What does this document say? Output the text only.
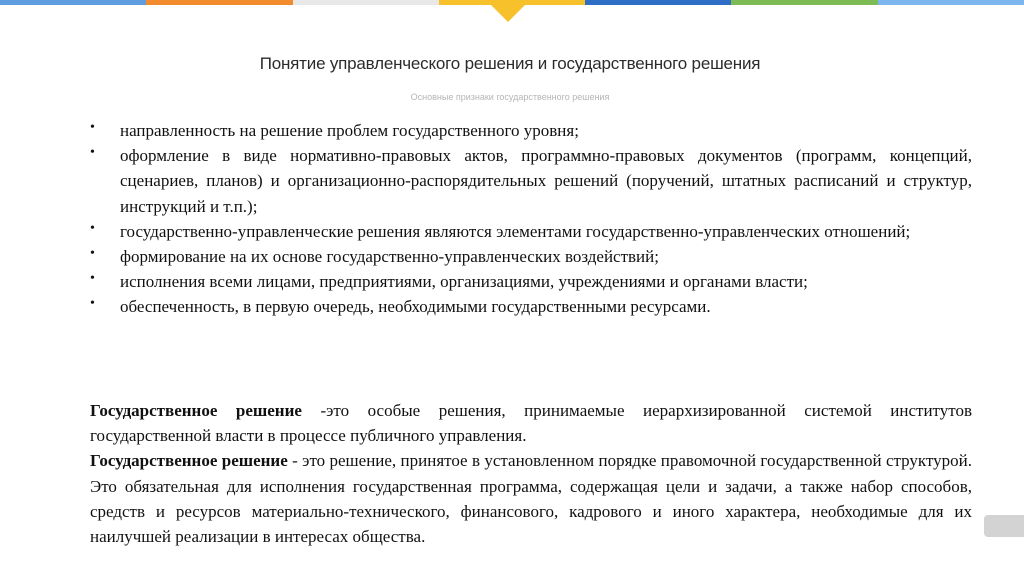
Понятие управленческого решения и государственного решения
Основные признаки государственного решения
• направленность на решение проблем государственного уровня;
• оформление в виде нормативно-правовых актов, программно-правовых документов (программ, концепций, сценариев, планов) и организационно-распорядительных решений (поручений, штатных расписаний и структур, инструкций и т.п.);
• государственно-управленческие решения являются элементами государственно-управленческих отношений;
• формирование на их основе государственно-управленческих воздействий;
• исполнения всеми лицами, предприятиями, организациями, учреждениями и органами власти;
• обеспеченность, в первую очередь, необходимыми государственными ресурсами.

Государственное решение -это особые решения, принимаемые иерархизированной системой институтов государственной власти в процессе публичного управления.

Государственное решение - это решение, принятое в установленном порядке правомочной государственной структурой. Это обязательная для исполнения государственная программа, содержащая цели и задачи, а также набор способов, средств и ресурсов материально-технического, финансового, кадрового и иного характера, необходимые для их наилучшей реализации в интересах общества.
